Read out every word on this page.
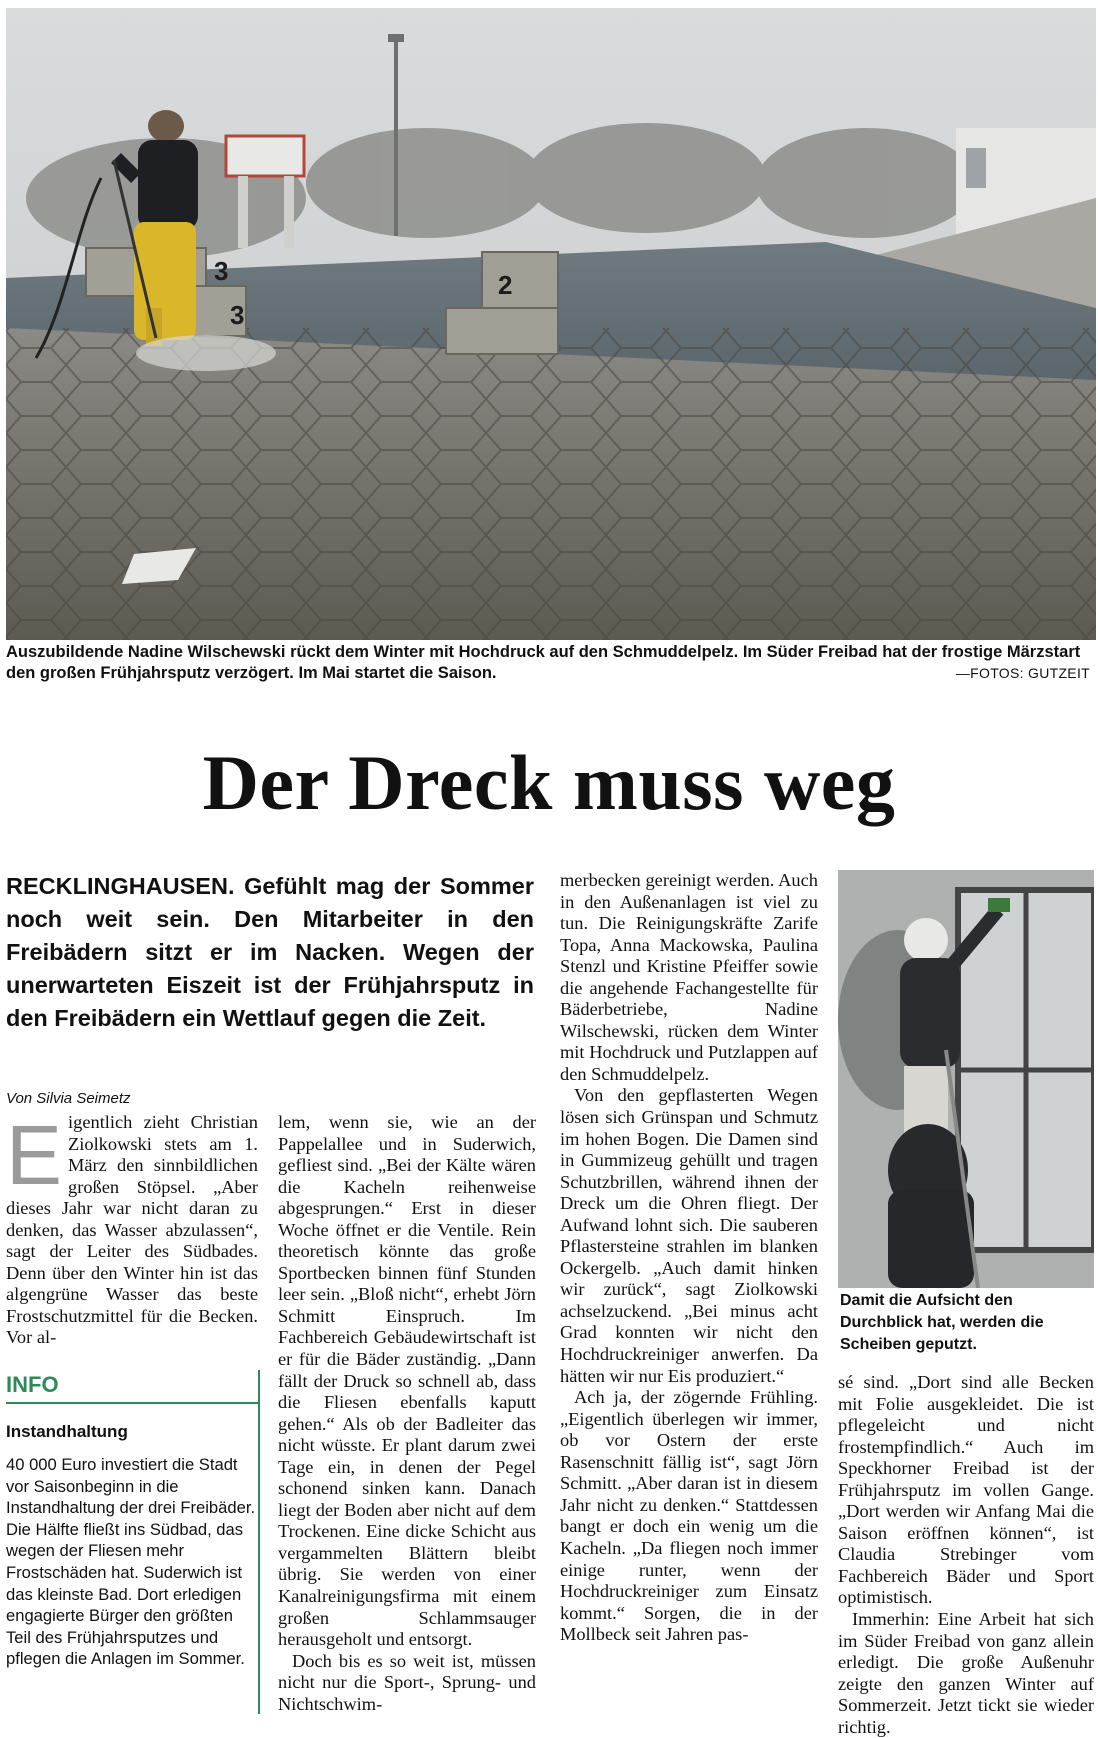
3
3
2
Auszubildende Nadine Wilschewski rückt dem Winter mit Hochdruck auf den Schmuddelpelz. Im Süder Freibad hat der frostige Märzstart den großen Frühjahrsputz verzögert. Im Mai startet die Saison.	—FOTOS: GUTZEIT
Der Dreck muss weg
RECKLINGHAUSEN. Gefühlt mag der Sommer noch weit sein. Den Mitarbeiter in den Freibädern sitzt er im Nacken. Wegen der unerwarteten Eiszeit ist der Frühjahrsputz in den Freibädern ein Wettlauf gegen die Zeit.
Von Silvia Seimetz
E igentlich zieht Christian Ziolkowski stets am 1. März den sinnbildlichen großen Stöpsel. „Aber dieses Jahr war nicht daran zu denken, das Wasser abzulassen“, sagt der Leiter des Südbades. Denn über den Winter hin ist das algengrüne Wasser das beste Frostschutzmittel für die Becken. Vor al-

INFO
Instandhaltung
40 000 Euro investiert die Stadt vor Saisonbeginn in die Instandhaltung der drei Freibäder. Die Hälfte fließt ins Südbad, das wegen der Fliesen mehr Frostschäden hat. Suderwich ist das kleinste Bad. Dort erledigen engagierte Bürger den größten Teil des Frühjahrsputzes und pflegen die Anlagen im Sommer.

lem, wenn sie, wie an der Pappelallee und in Suderwich, gefliest sind. „Bei der Kälte wären die Kacheln reihenweise abgesprungen.“ Erst in dieser Woche öffnet er die Ventile. Rein theoretisch könnte das große Sportbecken binnen fünf Stunden leer sein. „Bloß nicht“, erhebt Jörn Schmitt Einspruch. Im Fachbereich Gebäudewirtschaft ist er für die Bäder zuständig. „Dann fällt der Druck so schnell ab, dass die Fliesen ebenfalls kaputt gehen.“ Als ob der Badleiter das nicht wüsste. Er plant darum zwei Tage ein, in denen der Pegel schonend sinken kann. Danach liegt der Boden aber nicht auf dem Trockenen. Eine dicke Schicht aus vergammelten Blättern bleibt übrig. Sie werden von einer Kanalreinigungsfirma mit einem großen Schlammsauger herausgeholt und entsorgt.

Doch bis es so weit ist, müssen nicht nur die Sport-, Sprung- und Nichtschwim-

merbecken gereinigt werden. Auch in den Außenanlagen ist viel zu tun. Die Reinigungskräfte Zarife Topa, Anna Mackowska, Paulina Stenzl und Kristine Pfeiffer sowie die angehende Fachangestellte für Bäderbetriebe, Nadine Wilschewski, rücken dem Winter mit Hochdruck und Putzlappen auf den Schmuddelpelz.

Von den gepflasterten Wegen lösen sich Grünspan und Schmutz im hohen Bogen. Die Damen sind in Gummizeug gehüllt und tragen Schutzbrillen, während ihnen der Dreck um die Ohren fliegt. Der Aufwand lohnt sich. Die sauberen Pflastersteine strahlen im blanken Ockergelb. „Auch damit hinken wir zurück“, sagt Ziolkowski achselzuckend. „Bei minus acht Grad konnten wir nicht den Hochdruckreiniger anwerfen. Da hätten wir nur Eis produziert.“

Ach ja, der zögernde Frühling. „Eigentlich überlegen wir immer, ob vor Ostern der erste Rasenschnitt fällig ist“, sagt Jörn Schmitt. „Aber daran ist in diesem Jahr nicht zu denken.“ Stattdessen bangt er doch ein wenig um die Kacheln. „Da fliegen noch immer einige runter, wenn der Hochdruckreiniger zum Einsatz kommt.“ Sorgen, die in der Mollbeck seit Jahren pas-

Damit die Aufsicht den Durchblick hat, werden die Scheiben geputzt.

sé sind. „Dort sind alle Becken mit Folie ausgekleidet. Die ist pflegeleicht und nicht frostempfindlich.“ Auch im Speckhorner Freibad ist der Frühjahrsputz im vollen Gange. „Dort werden wir Anfang Mai die Saison eröffnen können“, ist Claudia Strebinger vom Fachbereich Bäder und Sport optimistisch.

Immerhin: Eine Arbeit hat sich im Süder Freibad von ganz allein erledigt. Die große Außenuhr zeigte den ganzen Winter auf Sommerzeit. Jetzt tickt sie wieder richtig.
